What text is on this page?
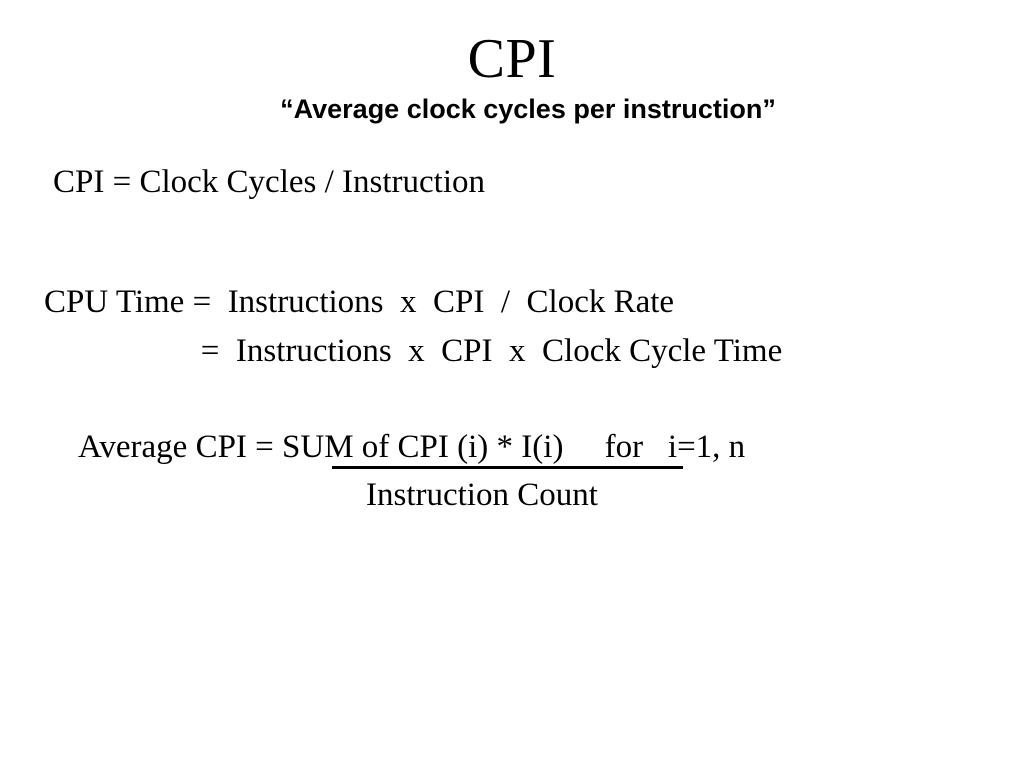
CPI
“Average clock cycles per instruction”
CPI = Clock Cycles / Instruction
CPU Time =  Instructions  x  CPI  /  Clock Rate
=  Instructions  x  CPI  x  Clock Cycle Time
Average CPI = SUM of CPI (i) * I(i)     for   i=1, n
Instruction Count
